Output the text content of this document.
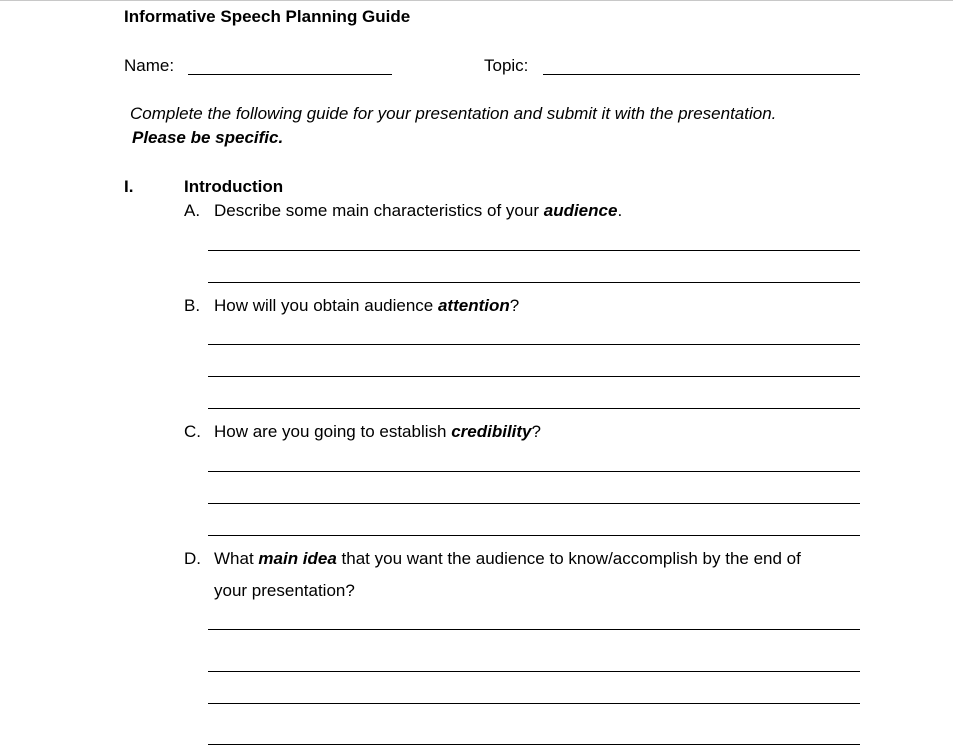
Informative Speech Planning Guide
Name:	Topic:
Complete the following guide for your presentation and submit it with the presentation.
Please be specific.
I.	Introduction
A. Describe some main characteristics of your audience.
B. How will you obtain audience attention?
C. How are you going to establish credibility?
D. What main idea that you want the audience to know/accomplish by the end of
your presentation?
